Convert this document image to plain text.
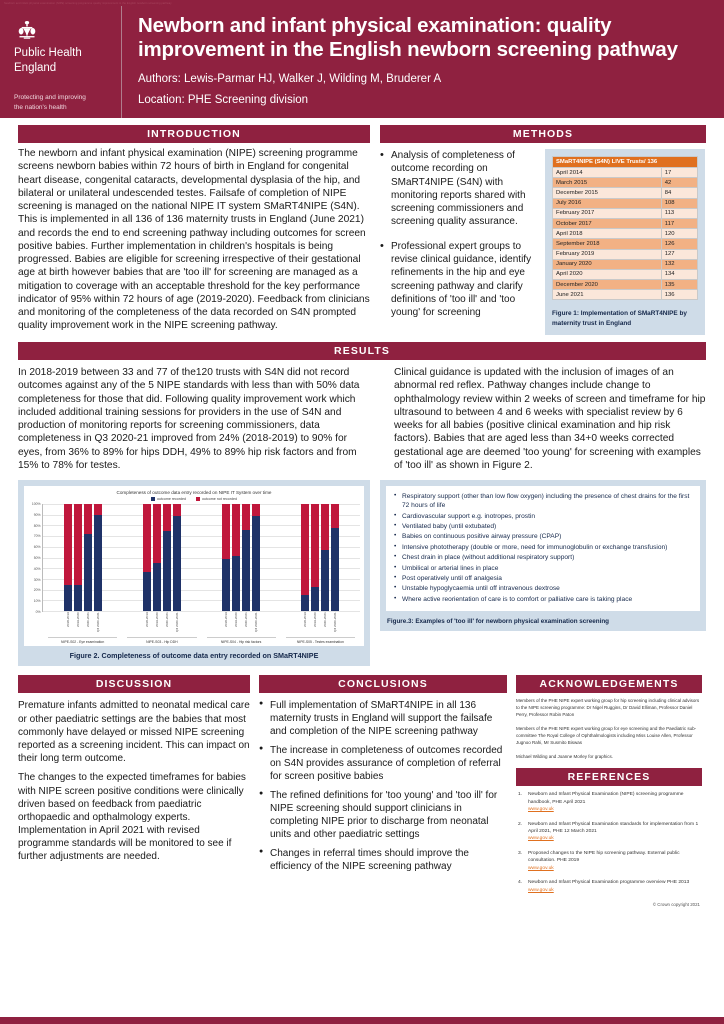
Newborn and infant physical examination (NIPE) screening programme quality improvement in the English newborn screening pathway
Public Health
England
Protecting and improving
the nation's health
Newborn and infant physical examination: quality improvement in the English newborn screening pathway
Authors: Lewis-Parmar HJ, Walker J, Wilding M, Bruderer A
Location: PHE Screening division
INTRODUCTION

The newborn and infant physical examination (NIPE) screening programme screens newborn babies within 72 hours of birth in England for congenital heart disease, congenital cataracts, developmental dysplasia of the hip, and bilateral or unilateral undescended testes. Failsafe of completion of NIPE screening is managed on the national NIPE IT system SMaRT4NIPE (S4N). This is implemented in all 136 of 136 maternity trusts in England (June 2021) and records the end to end screening pathway including outcomes for screen positive babies. Further implementation in children's hospitals is being progressed. Babies are eligible for screening irrespective of their gestational age at birth however babies that are 'too ill' for screening are managed as a mitigation to coverage with an acceptable threshold for the key performance indicator of 95% within 72 hours of age (2019-2020). Feedback from clinicians and monitoring of the completeness of the data recorded on S4N prompted quality improvement work in the NIPE screening pathway.

METHODS
• Analysis of completeness of outcome recording on SMaRT4NIPE (S4N) with monitoring reports shared with screening commissioners and screening quality assurance.
• Professional expert groups to revise clinical guidance, identify refinements in the hip and eye screening pathway and clarify definitions of 'too ill' and 'too young' for screening
SMaRT4NIPE (S4N) LIVE Trusts/ 136	
April 2014	17
March 2015	42
December 2015	84
July 2016	108
February 2017	113
October 2017	117
April 2018	120
September 2018	126
February 2019	127
January 2020	132
April 2020	134
December 2020	135
June 2021	136
Figure 1: Implementation of SMaRT4NIPE by maternity trust in England
RESULTS

In 2018-2019 between 33 and 77 of the120 trusts with S4N did not record outcomes against any of the 5 NIPE standards with less than with 50% data completeness for those that did. Following quality improvement work which included additional training sessions for providers in the use of S4N and production of monitoring reports for screening commissioners, data completeness in Q3 2020-21 improved from 24% (2018-2019) to 90% for eyes, from 36% to 89% for hips DDH, 49% to 89% hip risk factors and from 15% to 78% for testes.

Completeness of outcome data entry recorded on NIPE IT System over time
outcome recorded	outcome not recorded
100%
90%
80%
70%
60%
50%
40%
30%
20%
10%
0%	2018-2019	2019-2020	2020-2021	Q3 2020-2021
NIPE-S02 - Eye examination
2018-2019	2019-2020	2020-2021	Q3 2020-2021
NIPE-S03 - Hip DDH
2018-2019	2019-2020	2020-2021	Q3 2020-2021
NIPE-S04 - Hip risk factors
2018-2019	2019-2020	2020-2021	Q3 2020-2021
NIPE-S05 - Testes examination
Figure 2. Completeness of outcome data entry recorded on SMaRT4NIPE

Clinical guidance is updated with the inclusion of images of an abnormal red reflex. Pathway changes include change to ophthalmology review within 2 weeks of screen and timeframe for hip ultrasound to between 4 and 6 weeks with specialist review by 6 weeks for all babies (positive clinical examination and hip risk factors). Babies that are aged less than 34+0 weeks corrected gestational age are deemed 'too young' for screening with examples of 'too ill' as shown in Figure 2.

• Respiratory support (other than low flow oxygen) including the presence of chest drains for the first 72 hours of life
• Cardiovascular support e.g. inotropes, prostin
• Ventilated baby (until extubated)
• Babies on continuous positive airway pressure (CPAP)
• Intensive phototherapy (double or more, need for immunoglobulin or exchange transfusion)
• Chest drain in place (without additional respiratory support)
• Umbilical or arterial lines in place
• Post operatively until off analgesia
• Unstable hypoglycaemia until off intravenous dextrose
• Where active reorientation of care is to comfort or palliative care is taking place
Figure.3: Examples of 'too ill' for newborn physical examination screening
DISCUSSION

Premature infants admitted to neonatal medical care or other paediatric settings are the babies that most commonly have delayed or missed NIPE screening reported as a screening incident. This can impact on their long term outcome.

The changes to the expected timeframes for babies with NIPE screen positive conditions were clinically driven based on feedback from paediatric orthopaedic and opthalmology experts. Implementation in April 2021 with revised programme standards will be monitored to see if further adjustments are needed.

CONCLUSIONS
● Full implementation of SMaRT4NIPE in all 136 maternity trusts in England will support the failsafe and completion of the NIPE screening pathway
● The increase in completeness of outcomes recorded on S4N provides assurance of completion of referral for screen positive babies
● The refined definitions for 'too young' and 'too ill' for NIPE screening should support clinicians in completing NIPE prior to discharge from neonatal units and other paediatric settings
● Changes in referral times should improve the efficiency of the NIPE screening pathway
ACKNOWLEDGEMENTS
Members of the PHE NIPE expert working group for hip screening including clinical advisors to the NIPE screening programme: Dr Nigel Ruggins, Dr David Elliman, Professor Daniel Perry, Professor Robin Paton
Members of the PHE NIPE expert working group for eye screening and the Paediatric sub-committee The Royal College of Ophthalmologists including Miss Louise Allen, Professor Jugnoo Rahi, Mr Susmito Biswas
Michael Wilding and Joanne Morley for graphics.
REFERENCES
Newborn and Infant Physical Examination (NIPE) screening programme handbook, PHE April 2021
www.gov.uk
Newborn and Infant Physical Examination standards for implementation from 1 April 2021, PHE 12 March 2021
www.gov.uk
Proposed changes to the NIPE hip screening pathway. External public consultation. PHE 2019
www.gov.uk
Newborn and Infant Physical Examination programme overview PHE 2013
www.gov.uk
© Crown copyright 2021
